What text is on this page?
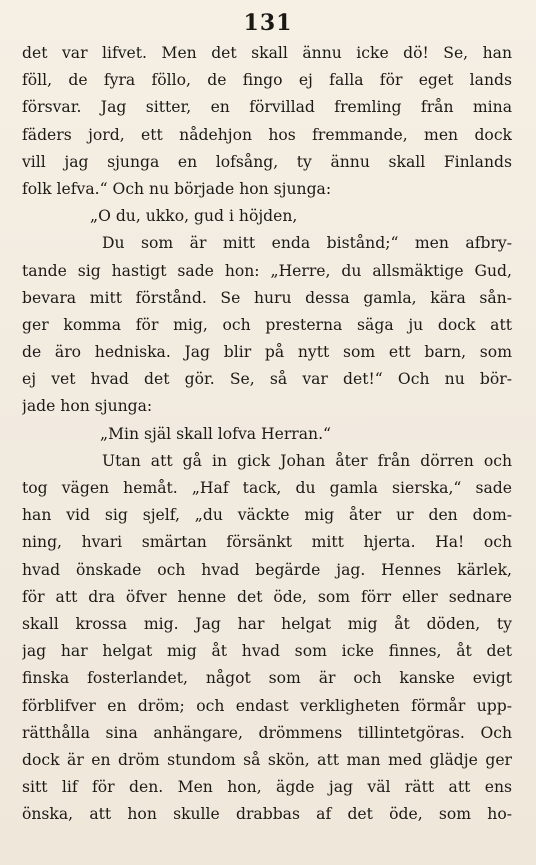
131
det var lifvet. Men det skall ännu icke dö! Se, han
föll, de fyra föllo, de fingo ej falla för eget lands
försvar. Jag sitter, en förvillad fremling från mina
fäders jord, ett nådehjon hos fremmande, men dock
vill jag sjunga en lofsång, ty ännu skall Finlands
folk lefva.“ Och nu började hon sjunga:
„O du, ukko, gud i höjden,
Du som är mitt enda bistånd;“ men afbry-
tande sig hastigt sade hon: „Herre, du allsmäktige Gud,
bevara mitt förstånd. Se huru dessa gamla, kära sån-
ger komma för mig, och presterna säga ju dock att
de äro hedniska. Jag blir på nytt som ett barn, som
ej vet hvad det gör. Se, så var det!“ Och nu bör-
jade hon sjunga:
„Min själ skall lofva Herran.“
Utan att gå in gick Johan åter från dörren och
tog vägen hemåt. „Haf tack, du gamla sierska,“ sade
han vid sig sjelf, „du väckte mig åter ur den dom-
ning, hvari smärtan försänkt mitt hjerta. Ha! och
hvad önskade och hvad begärde jag. Hennes kärlek,
för att dra öfver henne det öde, som förr eller sednare
skall krossa mig. Jag har helgat mig åt döden, ty
jag har helgat mig åt hvad som icke finnes, åt det
finska fosterlandet, något som är och kanske evigt
förblifver en dröm; och endast verkligheten förmår upp-
rätthålla sina anhängare, drömmens tillintetgöras. Och
dock är en dröm stundom så skön, att man med glädje ger
sitt lif för den. Men hon, ägde jag väl rätt att ens
önska, att hon skulle drabbas af det öde, som ho-
